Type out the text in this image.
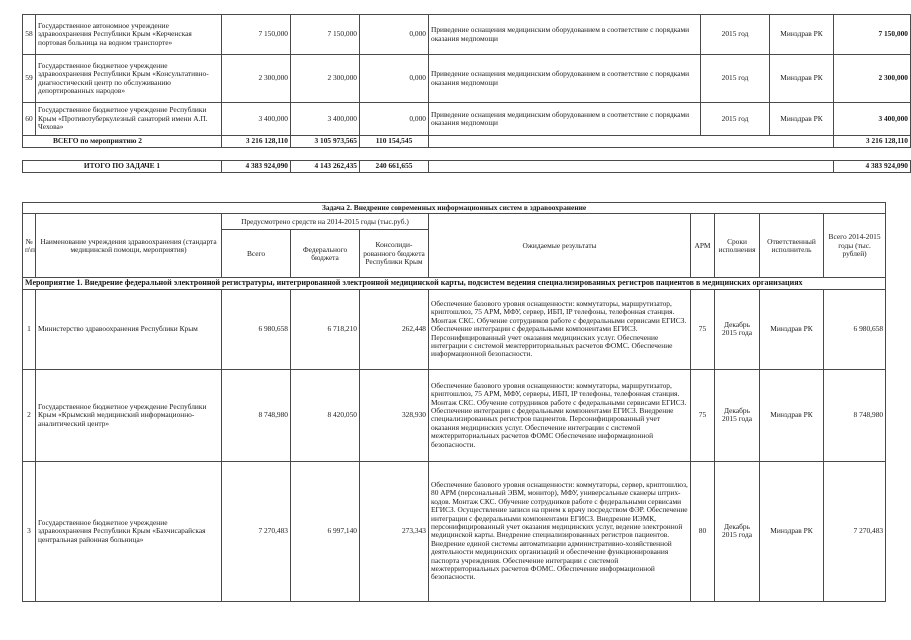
58	Государственное автономное учреждение здравоохранения Республики Крым «Керченская портовая больница на водном транспорте»	7 150,000	7 150,000	0,000	Приведение оснащения медицинским оборудованием в соответствие с порядками оказания медпомощи	2015 год	Минздрав РК	7 150,000
59	Государственное бюджетное учреждение здравоохранения Республики Крым «Консультативно-диагностический центр по обслуживанию депортированных народов»	2 300,000	2 300,000	0,000	Приведение оснащения медицинским оборудованием в соответствие с порядками оказания медпомощи	2015 год	Минздрав РК	2 300,000
60	Государственное бюджетное учреждение Республики Крым «Противотуберкулезный санаторий имени А.П. Чехова»	3 400,000	3 400,000	0,000	Приведение оснащения медицинским оборудованием в соответствие с порядками оказания медпомощи	2015 год	Минздрав РК	3 400,000
ВСЕГО по мероприятию 2		3 216 128,110	3 105 973,565	110 154,545				3 216 128,110

ИТОГО ПО ЗАДАЧЕ 1		4 383 924,090	4 143 262,435	240 661,655				4 383 924,090
Задача 2. Внедрение современных информационных систем в здравоохранение									
№ п\п	Наименование учреждения здравоохранения (стандарта медицинской помощи, мероприятия)	Предусмотрено средств на 2014-2015 годы (тыс.руб.)			Ожидаемые результаты	АРМ	Сроки исполнения	Ответственный исполнитель	Всего 2014-2015 годы (тыс. рублей)
		Всего	Федерального бюджета	Консолиди- рованного бюджета Республики Крым					
Мероприятие 1. Внедрение федеральной электронной регистратуры, интегрированной электронной медицинской карты, подсистем ведения специализированных регистров пациентов в медицинских организациях									
1	Министерство здравоохранения Республики Крым	6 980,658	6 718,210	262,448	Обеспечение базового уровня оснащенности: коммутаторы, маршрутизатор, криптошлюз, 75 АРМ, МФУ, сервер, ИБП, IP телефоны, телефонная станция. Монтаж СКС. Обучение сотрудников работе с федеральными сервисами ЕГИСЗ. Обеспечение интеграции с федеральными компонентами ЕГИСЗ. Персонифицированный учет оказания медицинских услуг. Обеспечение интеграции с системой межтерриториальных расчетов ФОМС. Обеспечение информационной безопасности.	75	Декабрь 2015 года	Минздрав РК	6 980,658
2	Государственное бюджетное учреждение Республики Крым «Крымский медицинский информационно-аналитический центр»	8 748,980	8 420,050	328,930	Обеспечение базового уровня оснащенности: коммутаторы, маршрутизатор, криптошлюз, 75 АРМ, МФУ, серверы, ИБП, IP телефоны, телефонная станция. Монтаж СКС. Обучение сотрудников работе с федеральными сервисами ЕГИСЗ. Обеспечение интеграции с федеральными компонентами ЕГИСЗ. Внедрение специализированных регистров пациентов. Персонифицированный учет оказания медицинских услуг. Обеспечение интеграции с системой межтерриториальных расчетов ФОМС Обеспечение информационной безопасности.	75	Декабрь 2015 года	Минздрав РК	8 748,980
3	Государственное бюджетное учреждение здравоохранения Республики Крым «Бахчисарайская центральная районная больница»	7 270,483	6 997,140	273,343	Обеспечение базового уровня оснащенности: коммутаторы, сервер, криптошлюз, 80 АРМ (персональный ЭВМ, монитор), МФУ, универсальные сканеры штрих-кодов. Монтаж СКС. Обучение сотрудников работе с федеральными сервисами ЕГИСЗ. Осуществление записи на прием к врачу посредством ФЭР. Обеспечение интеграции с федеральными компонентами ЕГИСЗ. Внедрение ИЭМК, персонифицированный учет оказания медицинских услуг, ведение электронной медицинской карты. Внедрение специализированных регистров пациентов. Внедрение единой системы автоматизации административно-хозяйственной деятельности медицинских организаций и обеспечение функционирования паспорта учреждения. Обеспечение интеграции с системой межтерриториальных расчетов ФОМС. Обеспечение информационной безопасности.	80	Декабрь 2015 года	Минздрав РК	7 270,483
